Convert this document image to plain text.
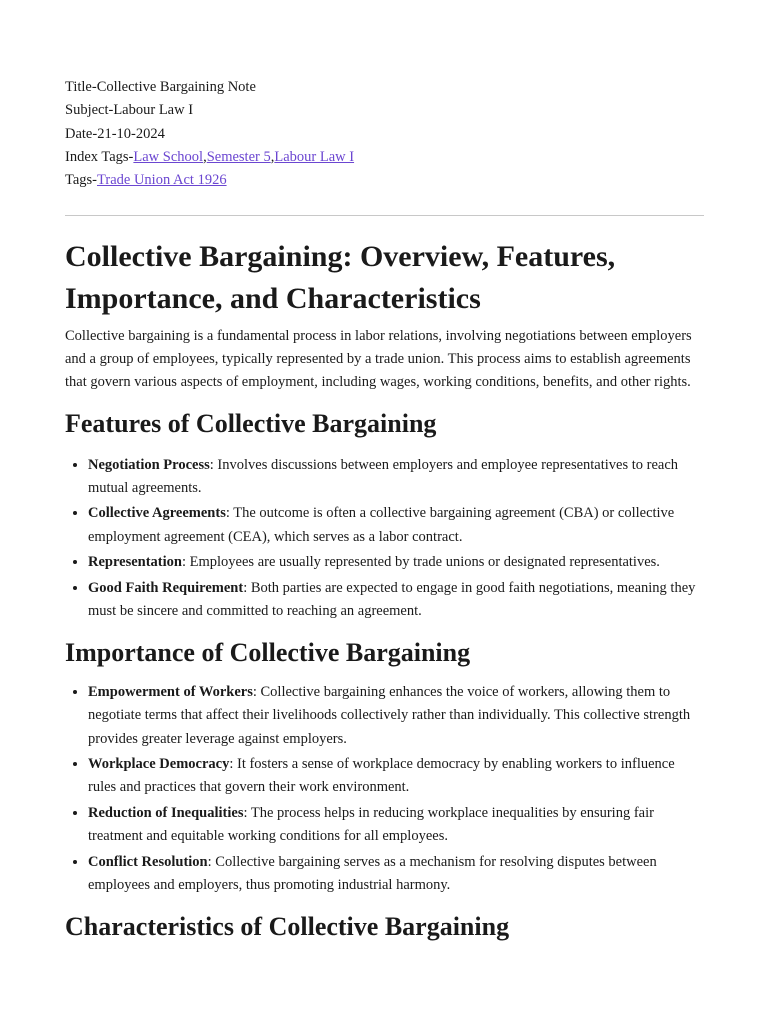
Title-Collective Bargaining Note
Subject-Labour Law I
Date-21-10-2024
Index Tags-Law School,Semester 5,Labour Law I
Tags-Trade Union Act 1926
Collective Bargaining: Overview, Features, Importance, and Characteristics

Collective bargaining is a fundamental process in labor relations, involving negotiations between employers and a group of employees, typically represented by a trade union. This process aims to establish agreements that govern various aspects of employment, including wages, working conditions, benefits, and other rights.

Features of Collective Bargaining
• Negotiation Process: Involves discussions between employers and employee representatives to reach mutual agreements.
• Collective Agreements: The outcome is often a collective bargaining agreement (CBA) or collective employment agreement (CEA), which serves as a labor contract.
• Representation: Employees are usually represented by trade unions or designated representatives.
• Good Faith Requirement: Both parties are expected to engage in good faith negotiations, meaning they must be sincere and committed to reaching an agreement.
Importance of Collective Bargaining
• Empowerment of Workers: Collective bargaining enhances the voice of workers, allowing them to negotiate terms that affect their livelihoods collectively rather than individually. This collective strength provides greater leverage against employers.
• Workplace Democracy: It fosters a sense of workplace democracy by enabling workers to influence rules and practices that govern their work environment.
• Reduction of Inequalities: The process helps in reducing workplace inequalities by ensuring fair treatment and equitable working conditions for all employees.
• Conflict Resolution: Collective bargaining serves as a mechanism for resolving disputes between employees and employers, thus promoting industrial harmony.
Characteristics of Collective Bargaining
